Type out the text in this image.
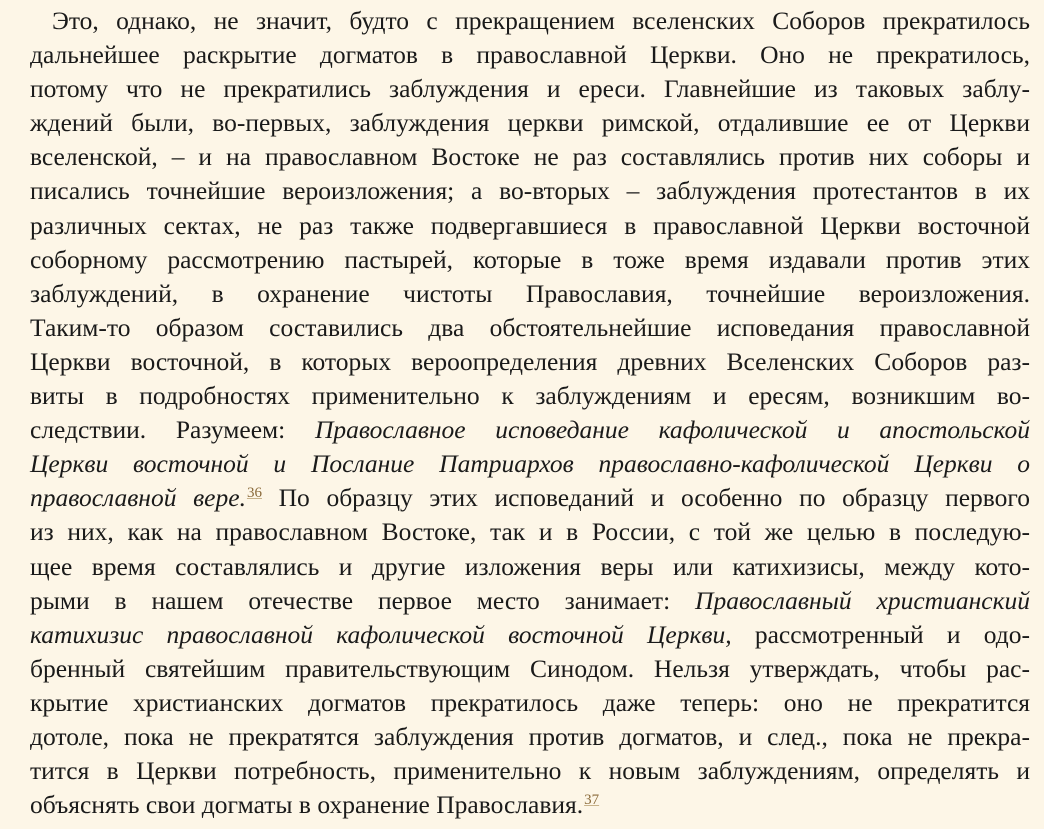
Это, однако, не значит, будто с прекращением вселенских Соборов прекратилось
дальнейшее раскрытие догматов в православной Церкви. Оно не прекратилось,
потому что не прекратились заблуждения и ереси. Главнейшие из таковых заблу-
ждений были, во-первых, заблуждения церкви римской, отдалившие ее от Церкви
вселенской, – и на православном Востоке не раз составлялись против них соборы и
писались точнейшие вероизложения; а во-вторых – заблуждения протестантов в их
различных сектах, не раз также подвергавшиеся в православной Церкви восточной
соборному рассмотрению пастырей, которые в тоже время издавали против этих
заблуждений, в охранение чистоты Православия, точнейшие вероизложения.
Таким-то образом составились два обстоятельнейшие исповедания православной
Церкви восточной, в которых вероопределения древних Вселенских Соборов раз-
виты в подробностях применительно к заблуждениям и ересям, возникшим во-
следствии. Разумеем: Православное исповедание кафолической и апостольской
Церкви восточной и Послание Патриархов православно-кафолической Церкви о
православной вере.$^{36}$ По образцу этих исповеданий и особенно по образцу первого
из них, как на православном Востоке, так и в России, с той же целью в последую-
щее время составлялись и другие изложения веры или катихизисы, между кото-
рыми в нашем отечестве первое место занимает: Православный христианский
катихизис православной кафолической восточной Церкви, рассмотренный и одо-
бренный святейшим правительствующим Синодом. Нельзя утверждать, чтобы рас-
крытие христианских догматов прекратилось даже теперь: оно не прекратится
дотоле, пока не прекратятся заблуждения против догматов, и след., пока не прекра-
тится в Церкви потребность, применительно к новым заблуждениям, определять и
объяснять свои догматы в охранение Православия.$^{37}$
